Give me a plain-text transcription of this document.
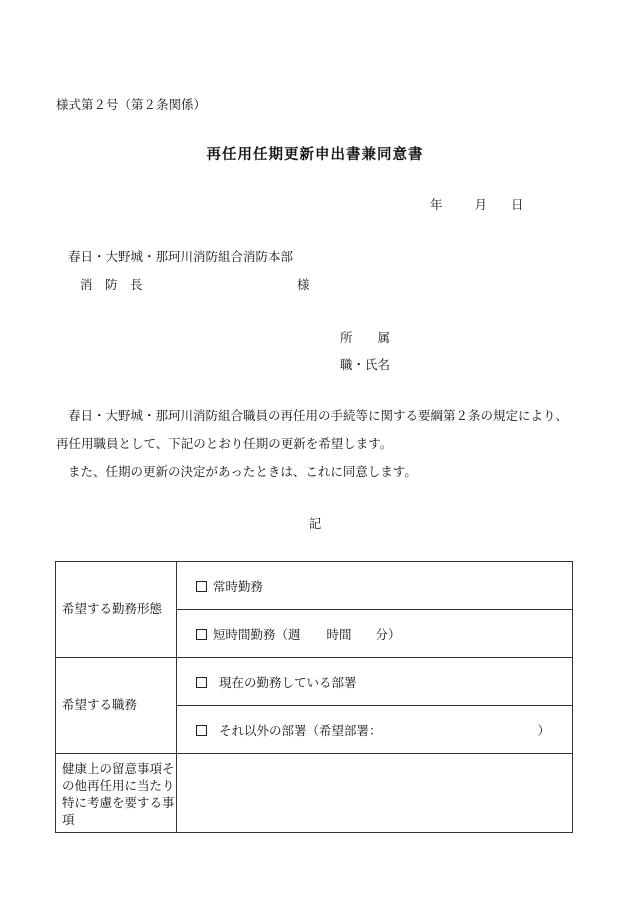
様式第２号（第２条関係）
再任用任期更新申出書兼同意書
年	月 日
春日・大野城・那珂川消防組合消防本部
消　防　長	様
所　　属
職・氏名
春日・大野城・那珂川消防組合職員の再任用の手続等に関する要綱第２条の規定により、
再任用職員として、下記のとおり任期の更新を希望します。
また、任期の更新の決定があったときは、これに同意します。
記
希望する勤務形態	常時勤務
	短時間勤務（週 時間 分）
希望する職務	現在の勤務している部署
	それ以外の部署（希望部署： ）
健康上の留意事項その他再任用に当たり特に考慮を要する事項	
